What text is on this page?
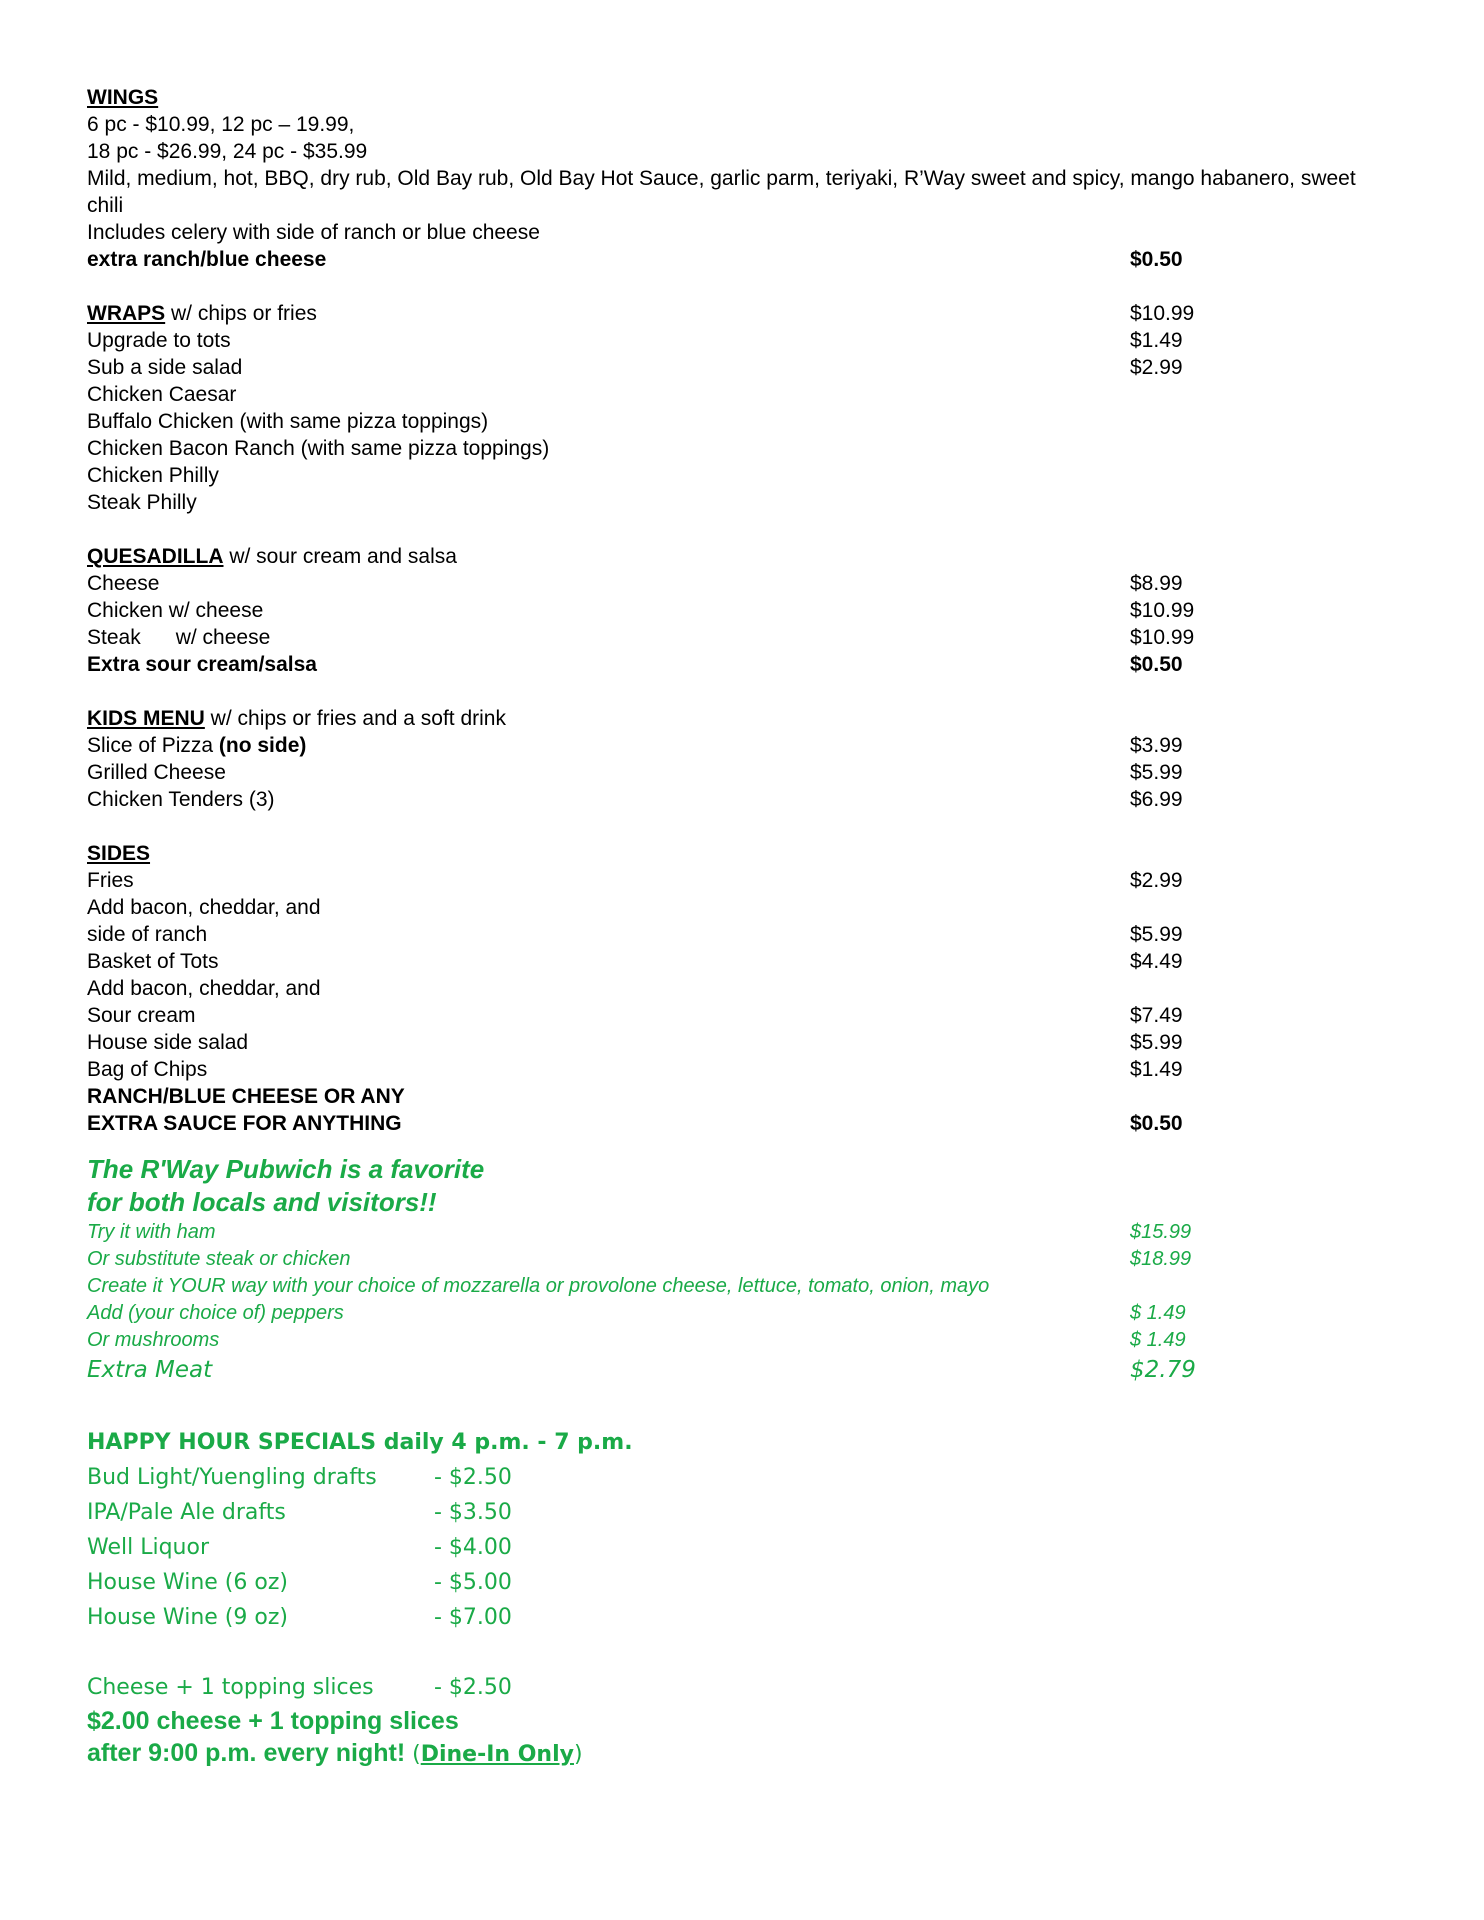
WINGS
6 pc - $10.99, 12 pc – 19.99,
18 pc - $26.99, 24 pc - $35.99
Mild, medium, hot, BBQ, dry rub, Old Bay rub, Old Bay Hot Sauce, garlic parm, teriyaki, R’Way sweet and spicy, mango habanero, sweet chili
Includes celery with side of ranch or blue cheese
extra ranch/blue cheese	$0.50
WRAPS w/ chips or fries	$10.99
Upgrade to tots	$1.49
Sub a side salad	$2.99
Chicken Caesar
Buffalo Chicken (with same pizza toppings)
Chicken Bacon Ranch (with same pizza toppings)
Chicken Philly
Steak Philly
QUESADILLA w/ sour cream and salsa
Cheese	$8.99
Chicken w/ cheese	$10.99
Steak      w/ cheese	$10.99
Extra sour cream/salsa	$0.50
KIDS MENU w/ chips or fries and a soft drink
Slice of Pizza (no side)	$3.99
Grilled Cheese	$5.99
Chicken Tenders (3)	$6.99
SIDES
Fries	$2.99
Add bacon, cheddar, and
side of ranch	$5.99
Basket of Tots	$4.49
Add bacon, cheddar, and
Sour cream	$7.49
House side salad	$5.99
Bag of Chips	$1.49
RANCH/BLUE CHEESE OR ANY
EXTRA SAUCE FOR ANYTHING	$0.50
The R'Way Pubwich is a favorite
for both locals and visitors!!
Try it with ham	$15.99
Or substitute steak or chicken	$18.99
Create it YOUR way with your choice of mozzarella or provolone cheese, lettuce, tomato, onion, mayo
Add (your choice of) peppers	$ 1.49
Or mushrooms	$ 1.49
Extra Meat	$2.79
HAPPY HOUR SPECIALS daily 4 p.m. - 7 p.m.
Bud Light/Yuengling drafts	- $2.50
IPA/Pale Ale drafts	- $3.50
Well Liquor	- $4.00
House Wine (6 oz)	- $5.00
House Wine (9 oz)	- $7.00
Cheese + 1 topping slices	- $2.50
$2.00 cheese + 1 topping slices
after 9:00 p.m. every night! (Dine-In Only)
